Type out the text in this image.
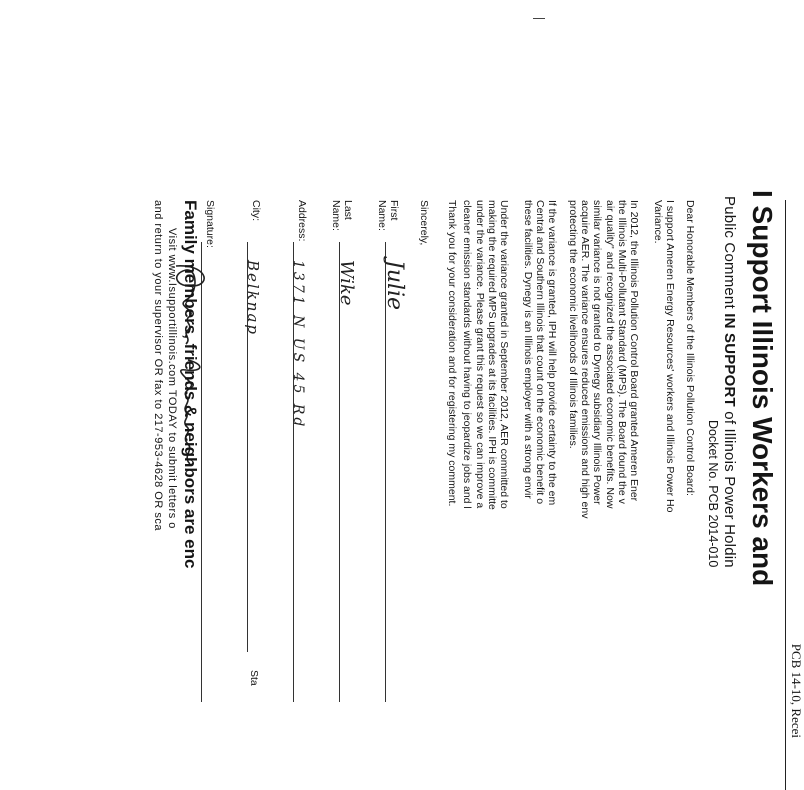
PCB 14-10, Recei
I Support Illinois Workers and
Public Comment IN SUPPORT of Illinois Power Holdin
Docket No. PCB 2014-010
Dear Honorable Members of the Illinois Pollution Control Board:
I support Ameren Energy Resources' workers and Illinois Power Ho
Variance.
In 2012, the Illinois Pollution Control Board granted Ameren Ener
the Illinois Multi-Pollutant Standard (MPS). The Board found the v
air quality" and recognized the associated economic benefits. Now
similar variance is not granted to Dynegy subsidiary Illinois Power
acquire AER. The variance ensures reduced emissions and high env
protecting the economic livelihoods of Illinois families.
If the variance is granted, IPH will help provide certainty to the em
Central and Southern Illinois that count on the economic benefit o
these facilities. Dynegy is an Illinois employer with a strong envir
Under the variance granted in September 2012, AER committed to
making the required MPS upgrades at its facilities. IPH is committe
under the variance. Please grant this request so we can improve a
cleaner emission standards without having to jeopardize jobs and l
Thank you for your consideration and for registering my comment.
Sincerely,
First Name:
Julie
Last Name:
Wike
Address:
1371 N US 45 Rd
City:
Belknap
Sta
Signature:
Family members, friends & neighbors are enc
Visit www.Isupportillinois.com TODAY to submit letters o
and return to your supervisor OR fax to 217-953-4628 OR sca
